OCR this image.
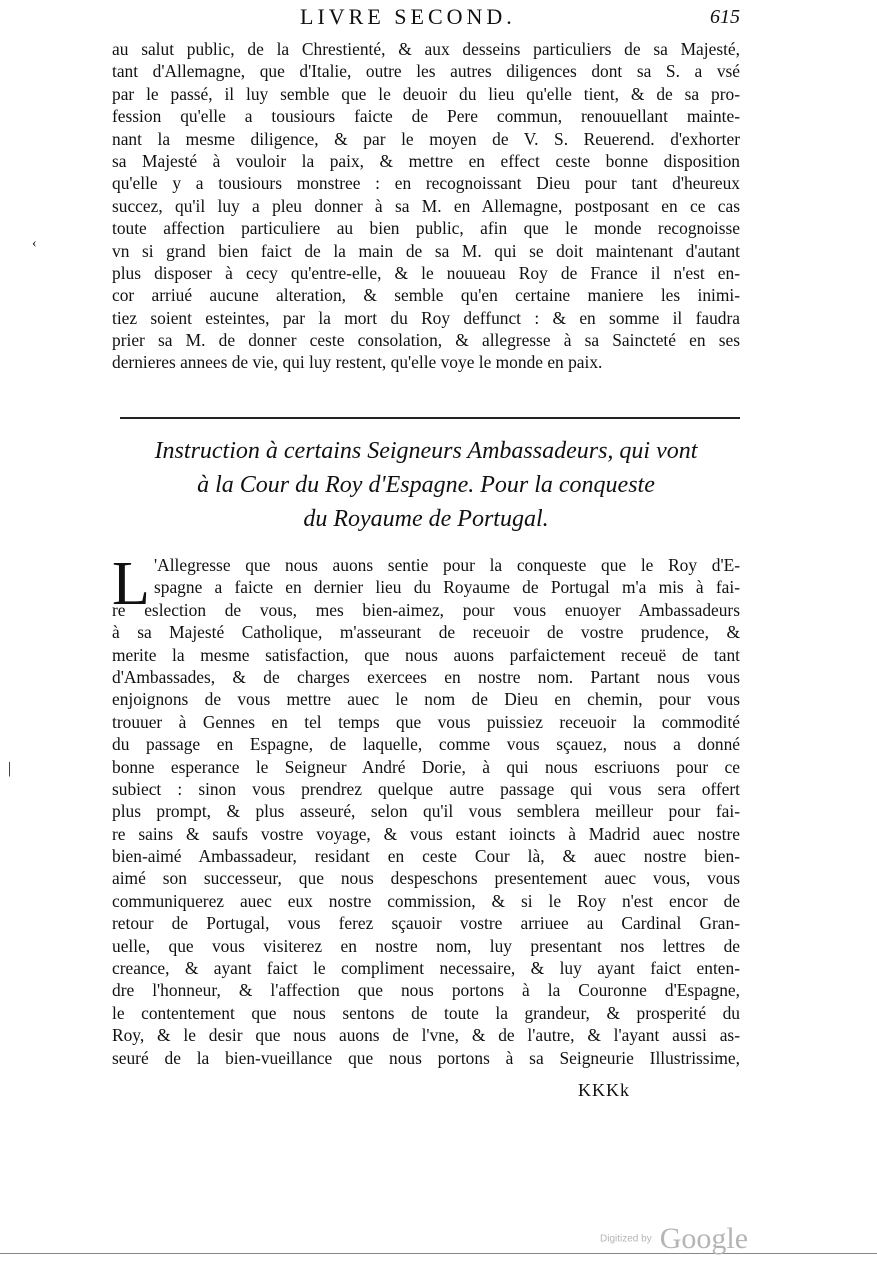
LIVRE SECOND.	615
‹
|
au salut public, de la Chrestienté, & aux desseins particuliers de sa Majesté,
tant d'Allemagne, que d'Italie, outre les autres diligences dont sa S. a vsé
par le passé, il luy semble que le deuoir du lieu qu'elle tient, & de sa pro-
fession qu'elle a tousiours faicte de Pere commun, renouuellant mainte-
nant la mesme diligence, & par le moyen de V. S. Reuerend. d'exhorter
sa Majesté à vouloir la paix, & mettre en effect ceste bonne disposition
qu'elle y a tousiours monstree : en recognoissant Dieu pour tant d'heureux
succez, qu'il luy a pleu donner à sa M. en Allemagne, postposant en ce cas
toute affection particuliere au bien public, afin que le monde recognoisse
vn si grand bien faict de la main de sa M. qui se doit maintenant d'autant
plus disposer à cecy qu'entre-elle, & le nouueau Roy de France il n'est en-
cor arriué aucune alteration, & semble qu'en certaine maniere les inimi-
tiez soient esteintes, par la mort du Roy deffunct : & en somme il faudra
prier sa M. de donner ceste consolation, & allegresse à sa Saincteté en ses
dernieres annees de vie, qui luy restent, qu'elle voye le monde en paix.
Instruction à certains Seigneurs Ambassadeurs, qui vont
à la Cour du Roy d'Espagne. Pour la conqueste
du Royaume de Portugal.
L 'Allegresse que nous auons sentie pour la conqueste que le Roy d'E-
spagne a faicte en dernier lieu du Royaume de Portugal m'a mis à fai-
re eslection de vous, mes bien-aimez, pour vous enuoyer Ambassadeurs
à sa Majesté Catholique, m'asseurant de receuoir de vostre prudence, &
merite la mesme satisfaction, que nous auons parfaictement receuë de tant
d'Ambassades, & de charges exercees en nostre nom. Partant nous vous
enjoignons de vous mettre auec le nom de Dieu en chemin, pour vous
trouuer à Gennes en tel temps que vous puissiez receuoir la commodité
du passage en Espagne, de laquelle, comme vous sçauez, nous a donné
bonne esperance le Seigneur André Dorie, à qui nous escriuons pour ce
subiect : sinon vous prendrez quelque autre passage qui vous sera offert
plus prompt, & plus asseuré, selon qu'il vous semblera meilleur pour fai-
re sains & saufs vostre voyage, & vous estant ioincts à Madrid auec nostre
bien-aimé Ambassadeur, residant en ceste Cour là, & auec nostre bien-
aimé son successeur, que nous despeschons presentement auec vous, vous
communiquerez auec eux nostre commission, & si le Roy n'est encor de
retour de Portugal, vous ferez sçauoir vostre arriuee au Cardinal Gran-
uelle, que vous visiterez en nostre nom, luy presentant nos lettres de
creance, & ayant faict le compliment necessaire, & luy ayant faict enten-
dre l'honneur, & l'affection que nous portons à la Couronne d'Espagne,
le contentement que nous sentons de toute la grandeur, & prosperité du
Roy, & le desir que nous auons de l'vne, & de l'autre, & l'ayant aussi as-
seuré de la bien-vueillance que nous portons à sa Seigneurie Illustrissime,
KKKk
Digitized by Google
